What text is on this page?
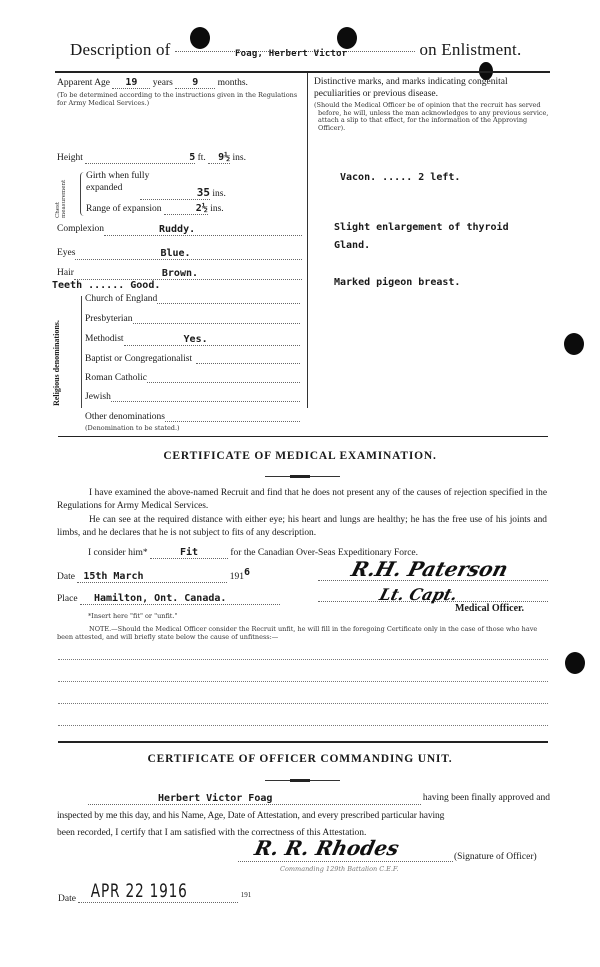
Description of	Foag, Herbert Victor	on Enlistment.
Apparent Age 19 years 9 months.
(To be determined according to the instructions given in the Regulations for Army Medical Services.)
Height	5 ft. 9½ ins.
Chest measurement
Girth when fully expanded	35 ins.
Range of expansion	2½ ins.
Complexion	Ruddy.
Eyes	Blue.
Hair	Brown.
Teeth ...... Good.
Religious denominations.
Church of England
Presbyterian
Methodist	Yes.
Baptist or Congregationalist
Roman Catholic
Jewish
Other denominations
(Denomination to be stated.)
Distinctive marks, and marks indicating congenital peculiarities or previous disease.
(Should the Medical Officer be of opinion that the recruit has served before, he will, unless the man acknowledges to any previous service, attach a slip to that effect, for the information of the Approving Officer).
Vacon. ..... 2 left.
Slight enlargement of thyroid
Gland.
Marked pigeon breast.
CERTIFICATE OF MEDICAL EXAMINATION.
I have examined the above-named Recruit and find that he does not present any of the causes of rejection specified in the Regulations for Army Medical Services.
He can see at the required distance with either eye; his heart and lungs are healthy; he has the free use of his joints and limbs, and he declares that he is not subject to fits of any description.
I consider him*	Fit	for the Canadian Over-Seas Expeditionary Force.
Date 15th March	1916
Place Hamilton, Ont. Canada.
R.H. Paterson
Lt. Capt.
Medical Officer.
*Insert here "fit" or "unfit."
NOTE.—Should the Medical Officer consider the Recruit unfit, he will fill in the foregoing Certificate only in the case of those who have been attested, and will briefly state below the cause of unfitness:—
CERTIFICATE OF OFFICER COMMANDING UNIT.
Herbert Victor Foag	having been finally approved and
inspected by me this day, and his Name, Age, Date of Attestation, and every prescribed particular having
been recorded, I certify that I am satisfied with the correctness of this Attestation.
R. R. Rhodes	(Signature of Officer)
Commanding 129th Battalion C.E.F.
Date APR 22 1916	191
